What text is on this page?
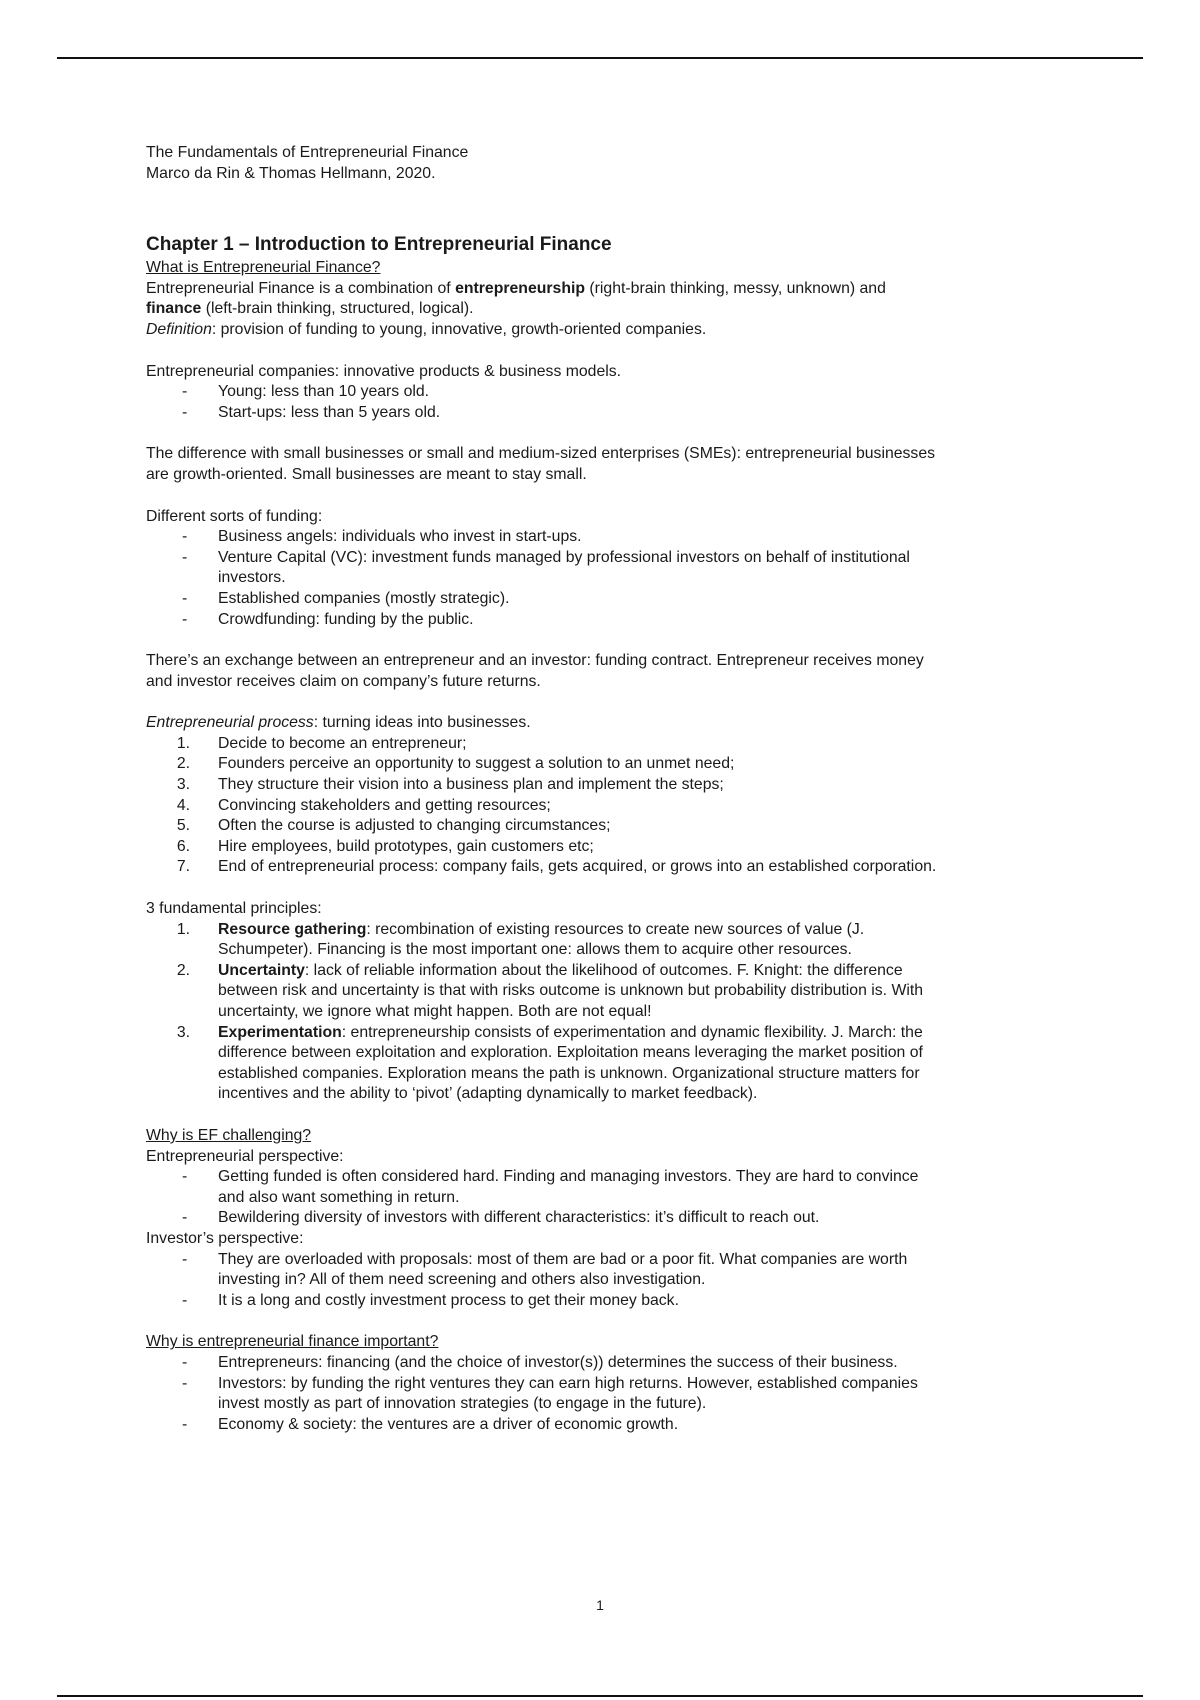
The Fundamentals of Entrepreneurial Finance

Marco da Rin & Thomas Hellmann, 2020.

Chapter 1 – Introduction to Entrepreneurial Finance

What is Entrepreneurial Finance?

Entrepreneurial Finance is a combination of entrepreneurship (right-brain thinking, messy, unknown) and

finance (left-brain thinking, structured, logical).

Definition: provision of funding to young, innovative, growth-oriented companies.

Entrepreneurial companies: innovative products & business models.

-	Young: less than 10 years old.
-	Start-ups: less than 5 years old.

The difference with small businesses or small and medium-sized enterprises (SMEs): entrepreneurial businesses

are growth-oriented. Small businesses are meant to stay small.

Different sorts of funding:

-	Business angels: individuals who invest in start-ups.
-	Venture Capital (VC): investment funds managed by professional investors on behalf of institutional
investors.
-	Established companies (mostly strategic).
-	Crowdfunding: funding by the public.

There’s an exchange between an entrepreneur and an investor: funding contract. Entrepreneur receives money

and investor receives claim on company’s future returns.

Entrepreneurial process: turning ideas into businesses.

1. Decide to become an entrepreneur;
2. Founders perceive an opportunity to suggest a solution to an unmet need;
3. They structure their vision into a business plan and implement the steps;
4. Convincing stakeholders and getting resources;
5. Often the course is adjusted to changing circumstances;
6. Hire employees, build prototypes, gain customers etc;
7. End of entrepreneurial process: company fails, gets acquired, or grows into an established corporation.

3 fundamental principles:

1. Resource gathering: recombination of existing resources to create new sources of value (J.
Schumpeter). Financing is the most important one: allows them to acquire other resources.
2. Uncertainty: lack of reliable information about the likelihood of outcomes. F. Knight: the difference
between risk and uncertainty is that with risks outcome is unknown but probability distribution is. With
uncertainty, we ignore what might happen. Both are not equal!
3. Experimentation: entrepreneurship consists of experimentation and dynamic flexibility. J. March: the
difference between exploitation and exploration. Exploitation means leveraging the market position of
established companies. Exploration means the path is unknown. Organizational structure matters for
incentives and the ability to ‘pivot’ (adapting dynamically to market feedback).

Why is EF challenging?

Entrepreneurial perspective:

-	Getting funded is often considered hard. Finding and managing investors. They are hard to convince
and also want something in return.
-	Bewildering diversity of investors with different characteristics: it’s difficult to reach out.

Investor’s perspective:

-	They are overloaded with proposals: most of them are bad or a poor fit. What companies are worth
investing in? All of them need screening and others also investigation.
-	It is a long and costly investment process to get their money back.

Why is entrepreneurial finance important?

-	Entrepreneurs: financing (and the choice of investor(s)) determines the success of their business.
-	Investors: by funding the right ventures they can earn high returns. However, established companies
invest mostly as part of innovation strategies (to engage in the future).
-	Economy & society: the ventures are a driver of economic growth.
1
